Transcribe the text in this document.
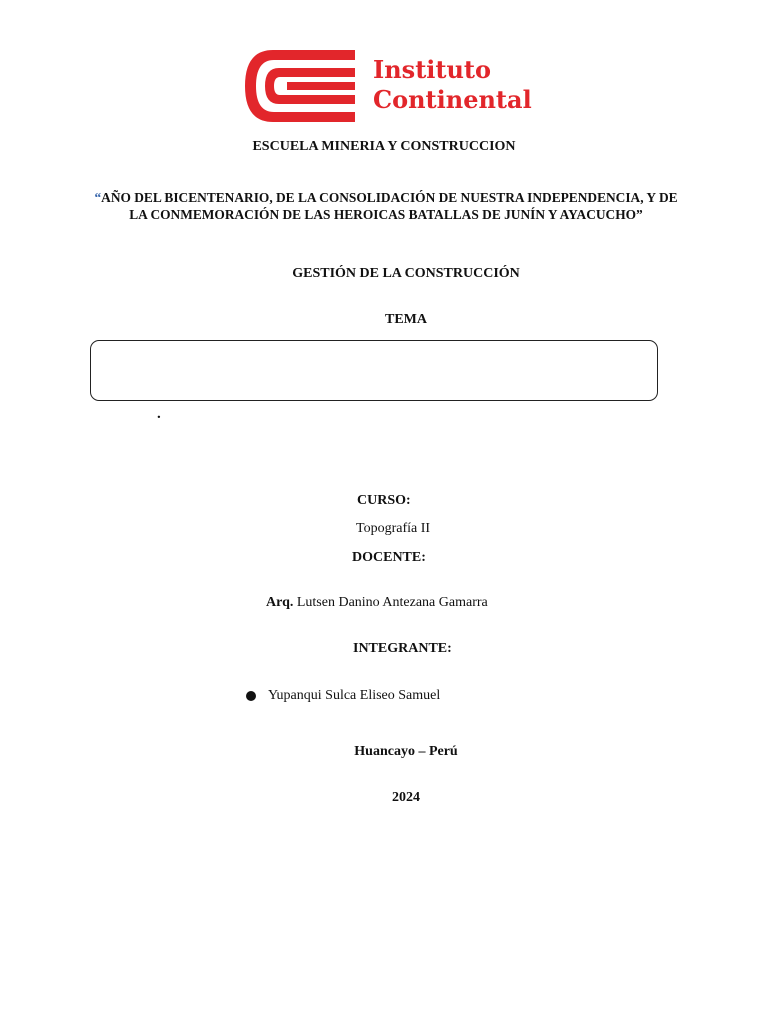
Instituto
Continental
ESCUELA MINERIA Y CONSTRUCCION
“AÑO DEL BICENTENARIO, DE LA CONSOLIDACIÓN DE NUESTRA INDEPENDENCIA, Y DE LA CONMEMORACIÓN DE LAS HEROICAS BATALLAS DE JUNÍN Y AYACUCHO”
GESTIÓN DE LA CONSTRUCCIÓN
TEMA
.
CURSO:
Topografía II
DOCENTE:
Arq. Lutsen Danino Antezana Gamarra
INTEGRANTE:
Yupanqui Sulca Eliseo Samuel
Huancayo – Perú
2024
